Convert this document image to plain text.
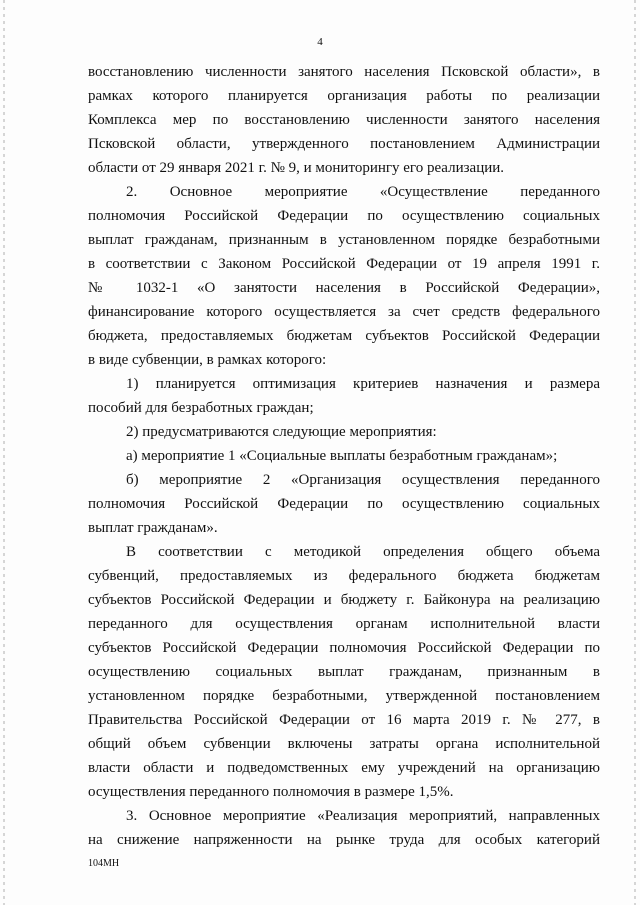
4
восстановлению численности занятого населения Псковской области», в
рамках которого планируется организация работы по реализации
Комплекса мер по восстановлению численности занятого населения
Псковской области, утвержденного постановлением Администрации
области от 29 января 2021 г. № 9, и мониторингу его реализации.
2. Основное мероприятие «Осуществление переданного
полномочия Российской Федерации по осуществлению социальных
выплат гражданам, признанным в установленном порядке безработными
в соответствии с Законом Российской Федерации от 19 апреля 1991 г.
№ 1032-1 «О занятости населения в Российской Федерации»,
финансирование которого осуществляется за счет средств федерального
бюджета, предоставляемых бюджетам субъектов Российской Федерации
в виде субвенции, в рамках которого:
1) планируется оптимизация критериев назначения и размера
пособий для безработных граждан;
2) предусматриваются следующие мероприятия:
а) мероприятие 1 «Социальные выплаты безработным гражданам»;
б) мероприятие 2 «Организация осуществления переданного
полномочия Российской Федерации по осуществлению социальных
выплат гражданам».
В соответствии с методикой определения общего объема
субвенций, предоставляемых из федерального бюджета бюджетам
субъектов Российской Федерации и бюджету г. Байконура на реализацию
переданного для осуществления органам исполнительной власти
субъектов Российской Федерации полномочия Российской Федерации по
осуществлению социальных выплат гражданам, признанным в
установленном порядке безработными, утвержденной постановлением
Правительства Российской Федерации от 16 марта 2019 г. № 277, в
общий объем субвенции включены затраты органа исполнительной
власти области и подведомственных ему учреждений на организацию
осуществления переданного полномочия в размере 1,5%.
3. Основное мероприятие «Реализация мероприятий, направленных
на снижение напряженности на рынке труда для особых категорий
104МН
